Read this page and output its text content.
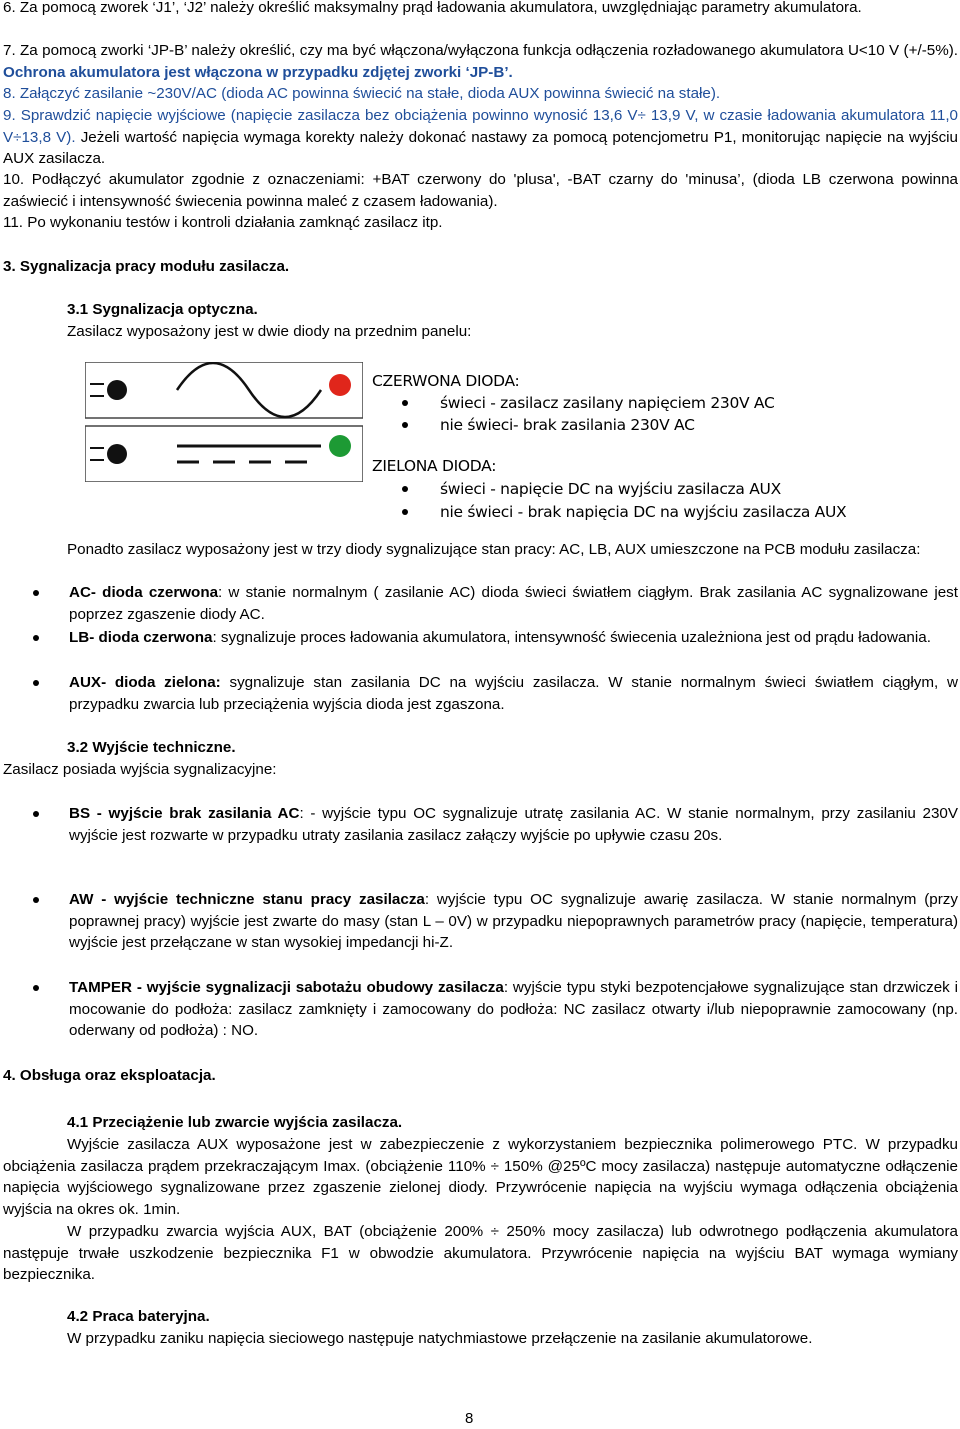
6. Za pomocą zworek ‘J1’, ‘J2’ należy określić maksymalny prąd ładowania akumulatora, uwzględniając parametry akumulatora.

7. Za pomocą zworki ‘JP-B’ należy określić, czy ma być włączona/wyłączona funkcja odłączenia rozładowanego akumulatora U<10 V (+/-5%). Ochrona akumulatora jest włączona w przypadku zdjętej zworki ‘JP-B’.

8. Załączyć zasilanie ~230V/AC (dioda AC powinna świecić na stałe, dioda AUX powinna świecić na stałe).

9. Sprawdzić napięcie wyjściowe (napięcie zasilacza bez obciążenia powinno wynosić 13,6 V÷ 13,9 V, w czasie ładowania akumulatora 11,0 V÷13,8 V). Jeżeli wartość napięcia wymaga korekty należy dokonać nastawy za pomocą potencjometru P1, monitorując napięcie na wyjściu AUX zasilacza.

10. Podłączyć akumulator zgodnie z oznaczeniami: +BAT czerwony do 'plusa', -BAT czarny do 'minusa’, (dioda LB czerwona powinna zaświecić i intensywność świecenia powinna maleć z czasem ładowania).

11. Po wykonaniu testów i kontroli działania zamknąć zasilacz itp.

3. Sygnalizacja pracy modułu zasilacza.

3.1 Sygnalizacja optyczna.

Zasilacz wyposażony jest w dwie diody na przednim panelu:

CZERWONA DIODA:
świeci - zasilacz zasilany napięciem 230V AC
nie świeci- brak zasilania 230V AC
ZIELONA DIODA:
świeci - napięcie DC na wyjściu zasilacza AUX
nie świeci - brak napięcia DC na wyjściu zasilacza AUX

Ponadto zasilacz wyposażony jest w trzy diody sygnalizujące stan pracy: AC, LB, AUX umieszczone na PCB modułu zasilacza:

AC- dioda czerwona: w stanie normalnym ( zasilanie AC) dioda świeci światłem ciągłym. Brak zasilania AC sygnalizowane jest poprzez zgaszenie diody AC.

LB- dioda czerwona: sygnalizuje proces ładowania akumulatora, intensywność świecenia uzależniona jest od prądu ładowania.

AUX- dioda zielona: sygnalizuje stan zasilania DC na wyjściu zasilacza. W stanie normalnym świeci światłem ciągłym, w przypadku zwarcia lub przeciążenia wyjścia dioda jest zgaszona.

3.2 Wyjście techniczne.

Zasilacz posiada wyjścia sygnalizacyjne:

BS - wyjście brak zasilania AC: - wyjście typu OC sygnalizuje utratę zasilania AC. W stanie normalnym, przy zasilaniu 230V wyjście jest rozwarte w przypadku utraty zasilania zasilacz załączy wyjście po upływie czasu 20s.

AW - wyjście techniczne stanu pracy zasilacza: wyjście typu OC sygnalizuje awarię zasilacza. W stanie normalnym (przy poprawnej pracy) wyjście jest zwarte do masy (stan L – 0V) w przypadku niepoprawnych parametrów pracy (napięcie, temperatura) wyjście jest przełączane w stan wysokiej impedancji hi-Z.

TAMPER - wyjście sygnalizacji sabotażu obudowy zasilacza: wyjście typu styki bezpotencjałowe sygnalizujące stan drzwiczek i mocowanie do podłoża: zasilacz zamknięty i zamocowany do podłoża: NC zasilacz otwarty i/lub niepoprawnie zamocowany (np. oderwany od podłoża) : NO.

4. Obsługa oraz eksploatacja.

4.1 Przeciążenie lub zwarcie wyjścia zasilacza.

Wyjście zasilacza AUX wyposażone jest w zabezpieczenie z wykorzystaniem bezpiecznika polimerowego PTC. W przypadku obciążenia zasilacza prądem przekraczającym Imax. (obciążenie 110% ÷ 150% @25ºC mocy zasilacza) następuje automatyczne odłączenie napięcia wyjściowego sygnalizowane przez zgaszenie zielonej diody. Przywrócenie napięcia na wyjściu wymaga odłączenia obciążenia wyjścia na okres ok. 1min.

W przypadku zwarcia wyjścia AUX, BAT (obciążenie 200% ÷ 250% mocy zasilacza) lub odwrotnego podłączenia akumulatora następuje trwałe uszkodzenie bezpiecznika F1 w obwodzie akumulatora. Przywrócenie napięcia na wyjściu BAT wymaga wymiany bezpiecznika.

4.2 Praca bateryjna.

W przypadku zaniku napięcia sieciowego następuje natychmiastowe przełączenie na zasilanie akumulatorowe.

8
